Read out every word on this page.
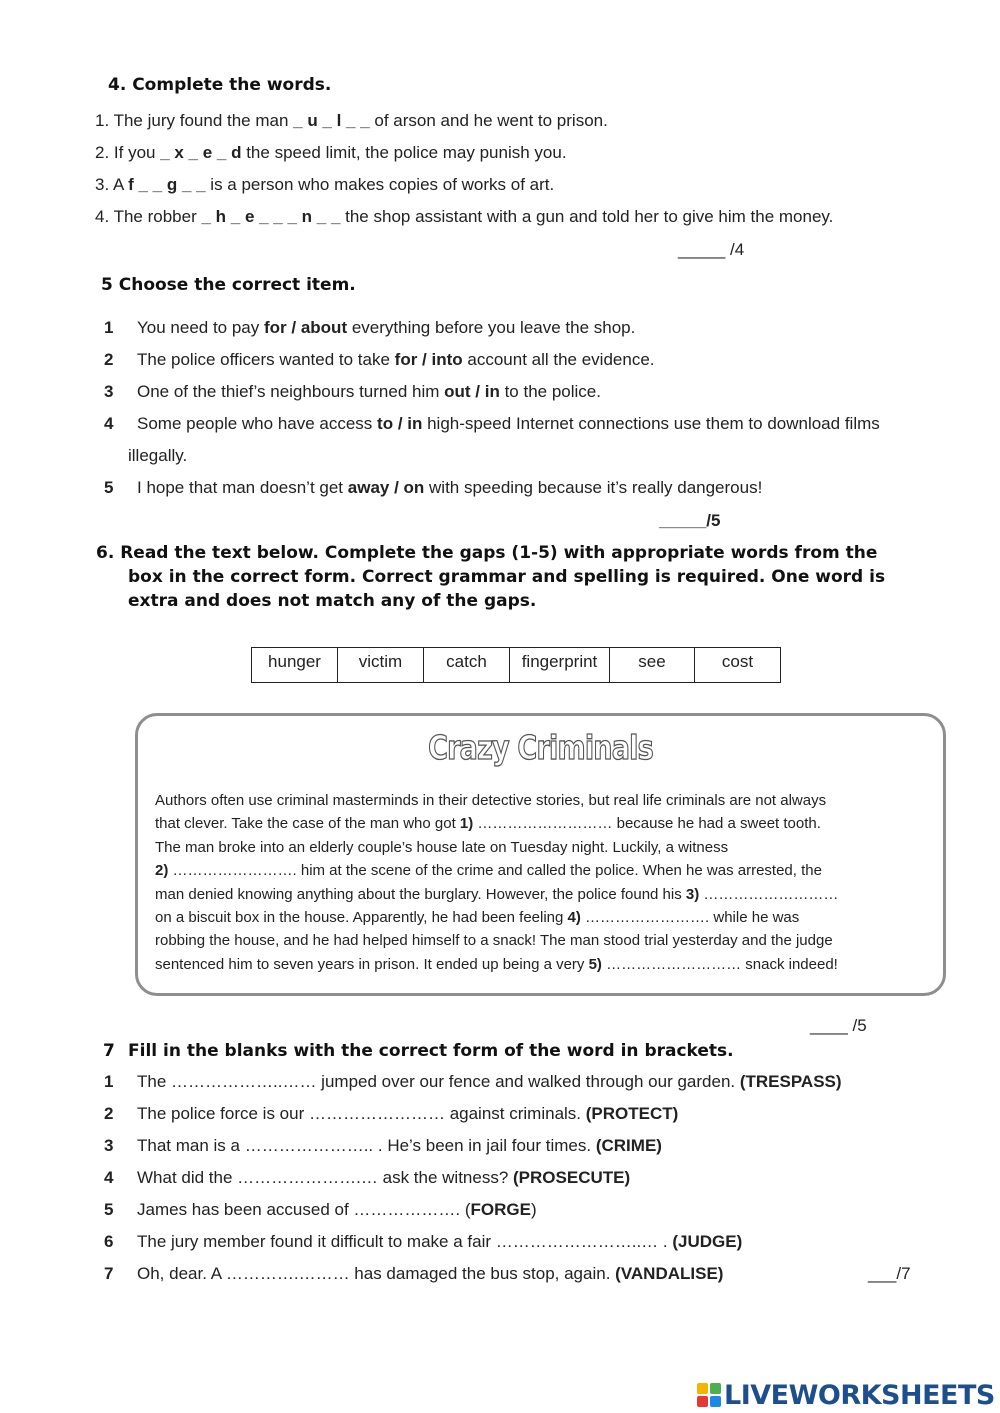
4. Complete the words.
1. The jury found the man _ u _ l _ _ of arson and he went to prison.
2. If you _ x _ e _ d the speed limit, the police may punish you.
3. A f _ _ g _ _ is a person who makes copies of works of art.
4. The robber _ h _ e _ _ _ n _ _ the shop assistant with a gun and told her to give him the money.
_____ /4
5 Choose the correct item.
1 You need to pay for / about everything before you leave the shop.
2 The police officers wanted to take for / into account all the evidence.
3 One of the thief’s neighbours turned him out / in to the police.
4 Some people who have access to / in high-speed Internet connections use them to download films
illegally.
5 I hope that man doesn’t get away / on with speeding because it’s really dangerous!
_____/5
6. Read the text below. Complete the gaps (1-5) with appropriate words from the
box in the correct form. Correct grammar and spelling is required. One word is
extra and does not match any of the gaps.
hunger	victim	catch	fingerprint	see	cost
Crazy Criminals
Authors often use criminal masterminds in their detective stories, but real life criminals are not always
that clever. Take the case of the man who got 1) ……………………… because he had a sweet tooth.
The man broke into an elderly couple’s house late on Tuesday night. Luckily, a witness
2) ……………………. him at the scene of the crime and called the police. When he was arrested, the
man denied knowing anything about the burglary. However, the police found his 3) ………………………
on a biscuit box in the house. Apparently, he had been feeling 4) ……………………. while he was
robbing the house, and he had helped himself to a snack! The man stood trial yesterday and the judge
sentenced him to seven years in prison. It ended up being a very 5) ……………………… snack indeed!
____ /5
7 Fill in the blanks with the correct form of the word in brackets.
1 The ………………..…… jumped over our fence and walked through our garden. (TRESPASS)
2 The police force is our …………………… against criminals. (PROTECT)
3 That man is a ………………….. . He’s been in jail four times. (CRIME)
4 What did the ………………….… ask the witness? (PROSECUTE)
5 James has been accused of ………………. (FORGE)
6 The jury member found it difficult to make a fair ……………………..… . (JUDGE)
7 Oh, dear. A ………….……… has damaged the bus stop, again. (VANDALISE)	___/7
LIVEWORKSHEETS
